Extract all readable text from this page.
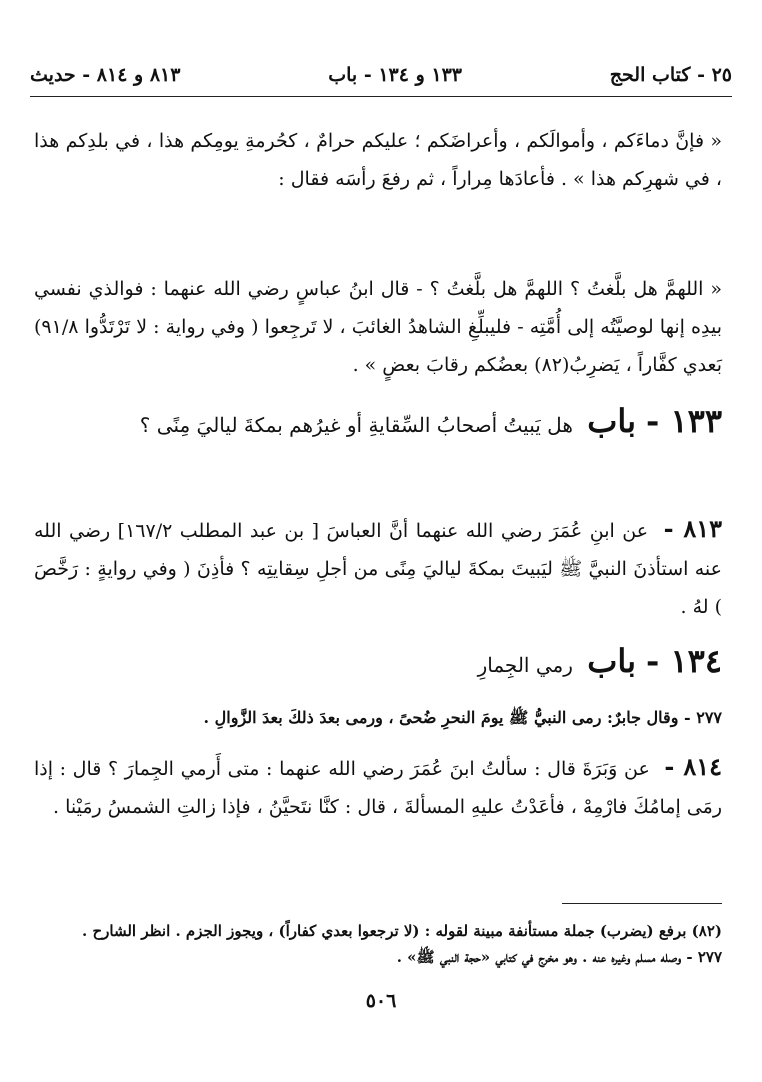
٢٥ - كتاب الحج
١٣٣ و ١٣٤ - باب
٨١٣ و ٨١٤ - حديث
« فإنَّ دماءَكم ، وأموالَكم ، وأعراضَكم ؛ عليكم حرامٌ ، كحُرمةِ يومِكم هذا ، في بلدِكم هذا ، في شهرِكم هذا » . فأعادَها مِراراً ، ثم رفعَ رأسَه فقال :
« اللهمَّ هل بلَّغتُ ؟ اللهمَّ هل بلَّغتُ ؟ - قال ابنُ عباسٍ رضي الله عنهما : فوالذي نفسي بيدِه إنها لوصيَّتُه إلى أُمَّتِه - فليبلِّغِ الشاهدُ الغائبَ ، لا تَرجِعوا ( وفي رواية : لا تَرْتَدُّوا ٩١/٨) بَعدي كفَّاراً ، يَضرِبُ(٨٢) بعضُكم رقابَ بعضٍ » .
١٣٣ -باب هل يَبيتُ أصحابُ السِّقايةِ أو غيرُهم بمكةَ لياليَ مِنًى ؟
٨١٣ - عن ابنِ عُمَرَ رضي الله عنهما أنَّ العباسَ [ بن عبد المطلب ١٦٧/٢] رضي الله عنه استأذنَ النبيَّ ﷺ ليَبيتَ بمكةَ لياليَ مِنًى من أجلِ سِقايتِه ؟ فأذِنَ ( وفي روايةٍ : رَخَّصَ ) لهُ .
١٣٤ -باب رمي الجِمارِ
٢٧٧ - وقال جابرٌ: رمى النبيُّ ﷺ يومَ النحرِ ضُحىً ، ورمى بعدَ ذلكَ بعدَ الزَّوالِ .
٨١٤ - عن وَبَرَةَ قال : سألتُ ابنَ عُمَرَ رضي الله عنهما : متى أَرمي الجِمارَ ؟ قال : إذا رمَى إمامُكَ فارْمِهْ ، فأعَدْتُ عليهِ المسألةَ ، قال : كنَّا نتَحيَّنُ ، فإذا زالتِ الشمسُ رمَيْنا .
(٨٢) برفع (يضرب) جملة مستأنفة مبينة لقوله : (لا ترجعوا بعدي كفاراً) ، ويجوز الجزم . انظر الشارح .
٢٧٧ - وصله مسلم وغيره عنه . وهو مخرج في كتابي «حجة النبي ﷺ» .
٥٠٦
